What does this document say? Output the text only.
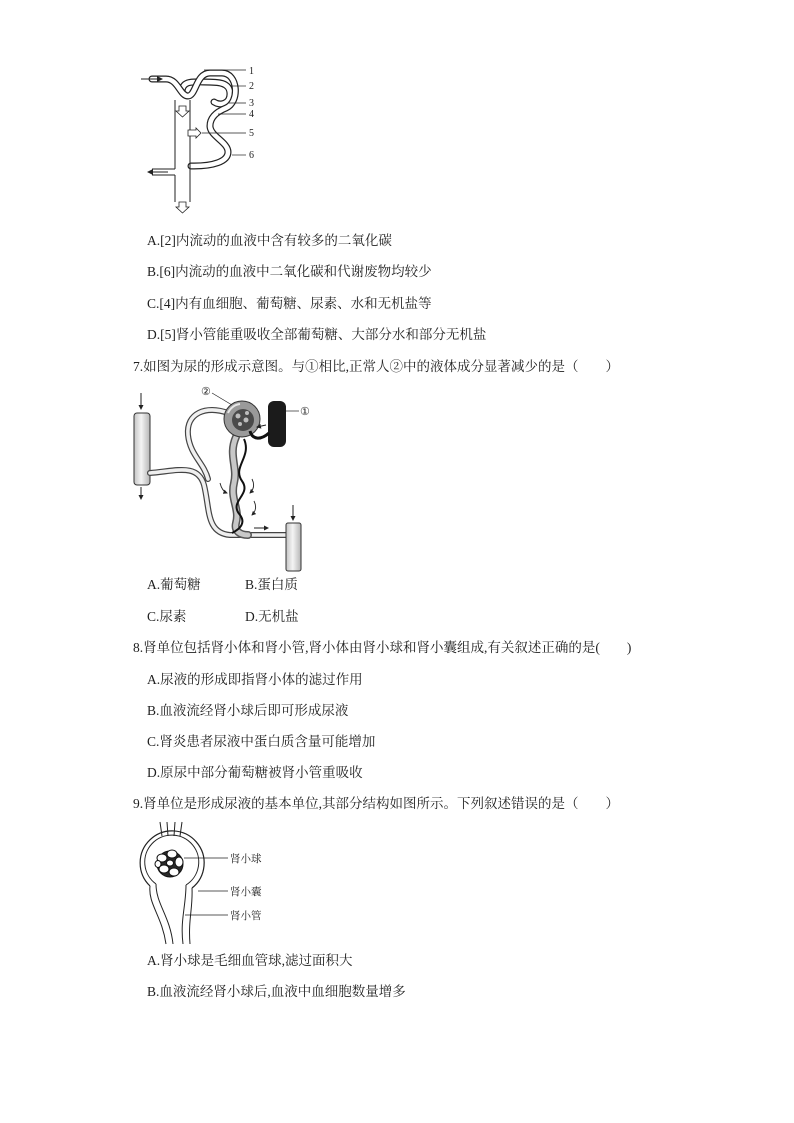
1
2
3
4
5
6
A.[2]内流动的血液中含有较多的二氧化碳
B.[6]内流动的血液中二氧化碳和代谢废物均较少
C.[4]内有血细胞、葡萄糖、尿素、水和无机盐等
D.[5]肾小管能重吸收全部葡萄糖、大部分水和部分无机盐
7.如图为尿的形成示意图。与①相比,正常人②中的液体成分显著减少的是（　　）
②
①
A.葡萄糖	B.蛋白质
C.尿素	D.无机盐
8.肾单位包括肾小体和肾小管,肾小体由肾小球和肾小囊组成,有关叙述正确的是(　　)
A.尿液的形成即指肾小体的滤过作用
B.血液流经肾小球后即可形成尿液
C.肾炎患者尿液中蛋白质含量可能增加
D.原尿中部分葡萄糖被肾小管重吸收
9.肾单位是形成尿液的基本单位,其部分结构如图所示。下列叙述错误的是（　　）
肾小球
肾小囊
肾小管
A.肾小球是毛细血管球,滤过面积大
B.血液流经肾小球后,血液中血细胞数量增多
